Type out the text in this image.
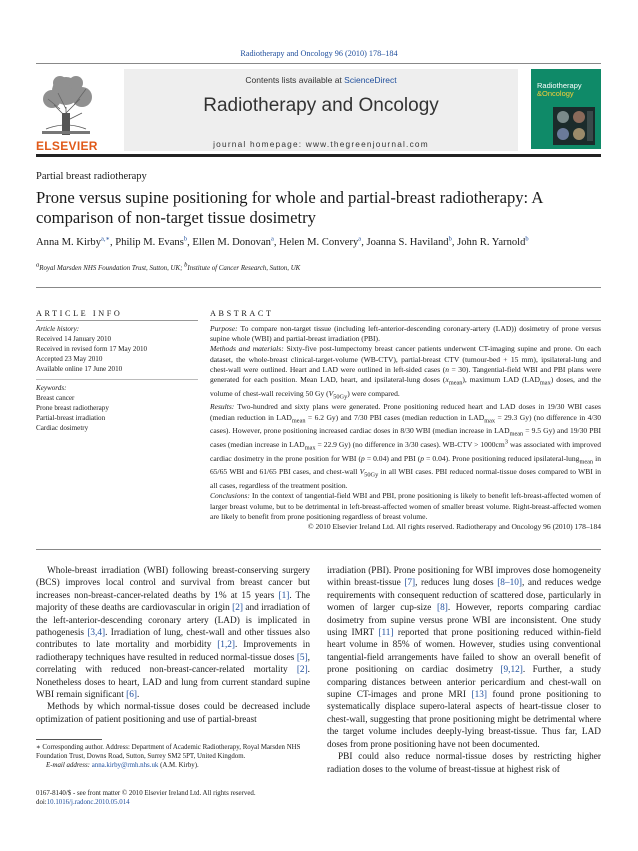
Radiotherapy and Oncology 96 (2010) 178–184
ELSEVIER
Contents lists available at ScienceDirect
Radiotherapy and Oncology
journal homepage: www.thegreenjournal.com
Radiotherapy
&Oncology
Partial breast radiotherapy
Prone versus supine positioning for whole and partial-breast radiotherapy: A comparison of non-target tissue dosimetry
Anna M. Kirby$^{a,∗}$, Philip M. Evans$^b$, Ellen M. Donovan$^a$, Helen M. Convery$^a$, Joanna S. Haviland$^b$, John R. Yarnold$^b$
$^a$Royal Marsden NHS Foundation Trust, Sutton, UK; $^b$Institute of Cancer Research, Sutton, UK
ARTICLE INFO	ABSTRACT
Article history:
Received 14 January 2010
Received in revised form 17 May 2010
Accepted 23 May 2010
Available online 17 June 2010
Keywords:
Breast cancer
Prone breast radiotherapy
Partial-breast irradiation
Cardiac dosimetry

Purpose: To compare non-target tissue (including left-anterior-descending coronary-artery (LAD)) dosimetry of prone versus supine whole (WBI) and partial-breast irradiation (PBI).

Methods and materials: Sixty-five post-lumpectomy breast cancer patients underwent CT-imaging supine and prone. On each dataset, the whole-breast clinical-target-volume (WB-CTV), partial-breast CTV (tumour-bed + 15 mm), ipsilateral-lung and chest-wall were outlined. Heart and LAD were outlined in left-sided cases (n = 30). Tangential-field WBI and PBI plans were generated for each position. Mean LAD, heart, and ipsilateral-lung doses $(x_{mean})$, maximum LAD $(LAD_{max})$ doses, and the volume of chest-wall receiving 50 Gy $(V_{50Gy})$ were compared.

Results: Two-hundred and sixty plans were generated. Prone positioning reduced heart and LAD doses in 19/30 WBI cases (median reduction in $LAD_{mean} = 6.2$ Gy) and 7/30 PBI cases (median reduction in $LAD_{max} = 29.3$ Gy) (no difference in 4/30 cases). However, prone positioning increased cardiac doses in 8/30 WBI (median increase in $LAD_{mean} = 9.5$ Gy) and 19/30 PBI cases (median increase in $LAD_{max} = 22.9$ Gy) (no difference in 3/30 cases). $WB-CTV > 1000cm^3$ was associated with improved cardiac dosimetry in the prone position for WBI (p = 0.04) and PBI (p = 0.04). Prone positioning reduced ipsilateral-lung$_{mean}$ in 65/65 WBI and 61/65 PBI cases, and chest-wall $V_{50Gy}$ in all WBI cases. PBI reduced normal-tissue doses compared to WBI in all cases, regardless of the treatment position.

Conclusions: In the context of tangential-field WBI and PBI, prone positioning is likely to benefit left-breast-affected women of larger breast volume, but to be detrimental in left-breast-affected women of smaller breast volume. Right-breast-affected women are likely to benefit from prone positioning regardless of breast volume.

© 2010 Elsevier Ireland Ltd. All rights reserved. Radiotherapy and Oncology 96 (2010) 178–184

Whole-breast irradiation (WBI) following breast-conserving surgery (BCS) improves local control and survival from breast cancer but increases non-breast-cancer-related deaths by 1% at 15 years [1]. The majority of these deaths are cardiovascular in origin [2] and irradiation of the left-anterior-descending coronary artery (LAD) is implicated in pathogenesis [3,4]. Irradiation of lung, chest-wall and other tissues also contributes to late mortality and morbidity [1,2]. Improvements in radiotherapy techniques have resulted in reduced normal-tissue doses [5], correlating with reduced non-breast-cancer-related mortality [2]. Nonetheless doses to heart, LAD and lung from current standard supine WBI remain significant [6].

Methods by which normal-tissue doses could be decreased include optimization of patient positioning and use of partial-breast

irradiation (PBI). Prone positioning for WBI improves dose homogeneity within breast-tissue [7], reduces lung doses [8–10], and reduces wedge requirements with consequent reduction of scattered dose, particularly in women of larger cup-size [8]. However, reports comparing cardiac dosimetry from supine versus prone WBI are inconsistent. One study using IMRT [11] reported that prone positioning reduced within-field heart volume in 85% of women. However, studies using conventional tangential-field arrangements have failed to show an overall benefit of prone positioning on cardiac dosimetry [9,12]. Further, a study comparing distances between anterior pericardium and chest-wall on supine CT-images and prone MRI [13] found prone positioning to systematically displace supero-lateral aspects of heart-tissue closer to chest-wall, suggesting that prone positioning might be detrimental where the target volume includes deeply-lying breast-tissue. Thus far, LAD doses from prone positioning have not been documented.

PBI could also reduce normal-tissue doses by restricting higher radiation doses to the volume of breast-tissue at highest risk of

∗ Corresponding author. Address: Department of Academic Radiotherapy, Royal Marsden NHS Foundation Trust, Downs Road, Sutton, Surrey SM2 5PT, United Kingdom.

E-mail address: anna.kirby@rmh.nhs.uk (A.M. Kirby).

0167-8140/$ - see front matter © 2010 Elsevier Ireland Ltd. All rights reserved.

doi:10.1016/j.radonc.2010.05.014
